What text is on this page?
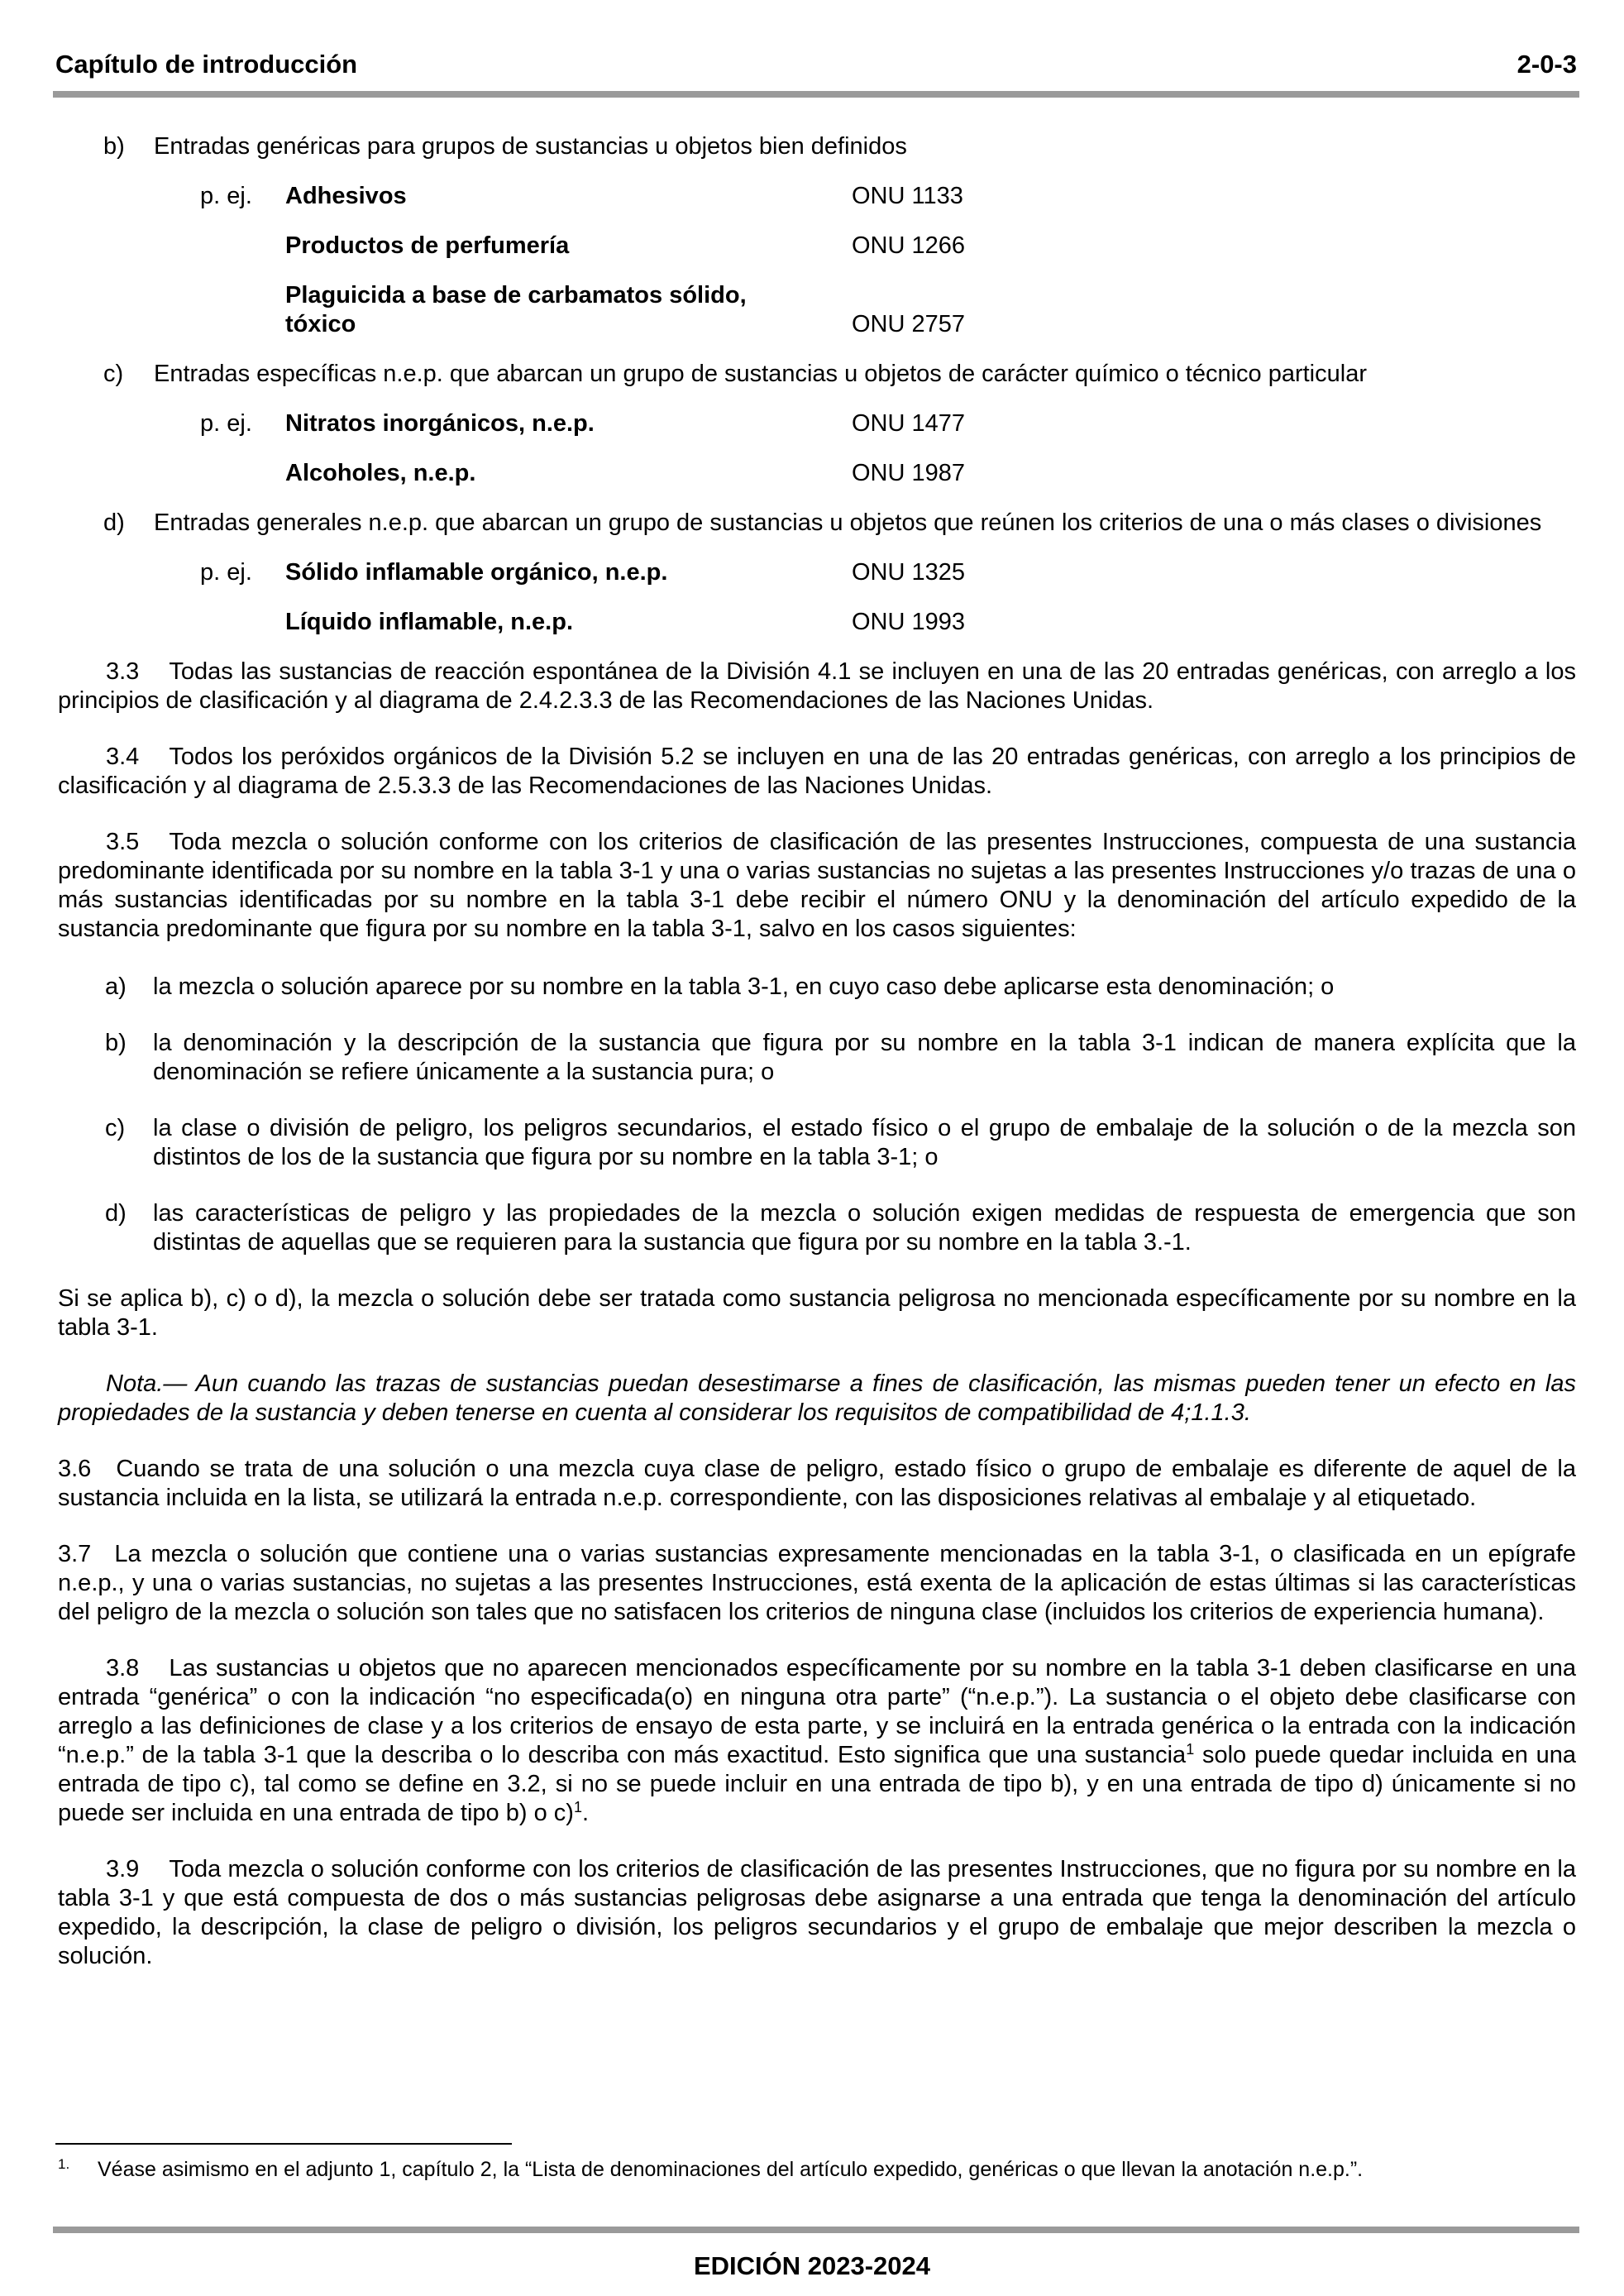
Capítulo de introducción	2-0-3
b) Entradas genéricas para grupos de sustancias u objetos bien definidos
p. ej. Adhesivos	ONU 1133
Productos de perfumería	ONU 1266
Plaguicida a base de carbamatos sólido, tóxico	ONU 2757
c) Entradas específicas n.e.p. que abarcan un grupo de sustancias u objetos de carácter químico o técnico particular
p. ej. Nitratos inorgánicos, n.e.p.	ONU 1477
Alcoholes, n.e.p.	ONU 1987
d) Entradas generales n.e.p. que abarcan un grupo de sustancias u objetos que reúnen los criterios de una o más clases o divisiones
p. ej. Sólido inflamable orgánico, n.e.p.	ONU 1325
Líquido inflamable, n.e.p.	ONU 1993

3.3 Todas las sustancias de reacción espontánea de la División 4.1 se incluyen en una de las 20 entradas genéricas, con arreglo a los principios de clasificación y al diagrama de 2.4.2.3.3 de las Recomendaciones de las Naciones Unidas.

3.4 Todos los peróxidos orgánicos de la División 5.2 se incluyen en una de las 20 entradas genéricas, con arreglo a los principios de clasificación y al diagrama de 2.5.3.3 de las Recomendaciones de las Naciones Unidas.

3.5 Toda mezcla o solución conforme con los criterios de clasificación de las presentes Instrucciones, compuesta de una sustancia predominante identificada por su nombre en la tabla 3-1 y una o varias sustancias no sujetas a las presentes Instrucciones y/o trazas de una o más sustancias identificadas por su nombre en la tabla 3-1 debe recibir el número ONU y la denominación del artículo expedido de la sustancia predominante que figura por su nombre en la tabla 3-1, salvo en los casos siguientes:

a) la mezcla o solución aparece por su nombre en la tabla 3-1, en cuyo caso debe aplicarse esta denominación; o
b) la denominación y la descripción de la sustancia que figura por su nombre en la tabla 3-1 indican de manera explícita que la denominación se refiere únicamente a la sustancia pura; o
c) la clase o división de peligro, los peligros secundarios, el estado físico o el grupo de embalaje de la solución o de la mezcla son distintos de los de la sustancia que figura por su nombre en la tabla 3-1; o
d) las características de peligro y las propiedades de la mezcla o solución exigen medidas de respuesta de emergencia que son distintas de aquellas que se requieren para la sustancia que figura por su nombre en la tabla 3.-1.

Si se aplica b), c) o d), la mezcla o solución debe ser tratada como sustancia peligrosa no mencionada específicamente por su nombre en la tabla 3-1.

Nota.— Aun cuando las trazas de sustancias puedan desestimarse a fines de clasificación, las mismas pueden tener un efecto en las propiedades de la sustancia y deben tenerse en cuenta al considerar los requisitos de compatibilidad de 4;1.1.3.

3.6 Cuando se trata de una solución o una mezcla cuya clase de peligro, estado físico o grupo de embalaje es diferente de aquel de la sustancia incluida en la lista, se utilizará la entrada n.e.p. correspondiente, con las disposiciones relativas al embalaje y al etiquetado.

3.7 La mezcla o solución que contiene una o varias sustancias expresamente mencionadas en la tabla 3-1, o clasificada en un epígrafe n.e.p., y una o varias sustancias, no sujetas a las presentes Instrucciones, está exenta de la aplicación de estas últimas si las características del peligro de la mezcla o solución son tales que no satisfacen los criterios de ninguna clase (incluidos los criterios de experiencia humana).

3.8 Las sustancias u objetos que no aparecen mencionados específicamente por su nombre en la tabla 3-1 deben clasificarse en una entrada “genérica” o con la indicación “no especificada(o) en ninguna otra parte” (“n.e.p.”). La sustancia o el objeto debe clasificarse con arreglo a las definiciones de clase y a los criterios de ensayo de esta parte, y se incluirá en la entrada genérica o la entrada con la indicación “n.e.p.” de la tabla 3-1 que la describa o lo describa con más exactitud. Esto significa que una sustancia$^1$ solo puede quedar incluida en una entrada de tipo c), tal como se define en 3.2, si no se puede incluir en una entrada de tipo b), y en una entrada de tipo d) únicamente si no puede ser incluida en una entrada de tipo b) o c)$^1$.

3.9 Toda mezcla o solución conforme con los criterios de clasificación de las presentes Instrucciones, que no figura por su nombre en la tabla 3-1 y que está compuesta de dos o más sustancias peligrosas debe asignarse a una entrada que tenga la denominación del artículo expedido, la descripción, la clase de peligro o división, los peligros secundarios y el grupo de embalaje que mejor describen la mezcla o solución.

1. Véase asimismo en el adjunto 1, capítulo 2, la “Lista de denominaciones del artículo expedido, genéricas o que llevan la anotación n.e.p.”.
EDICIÓN 2023-2024
